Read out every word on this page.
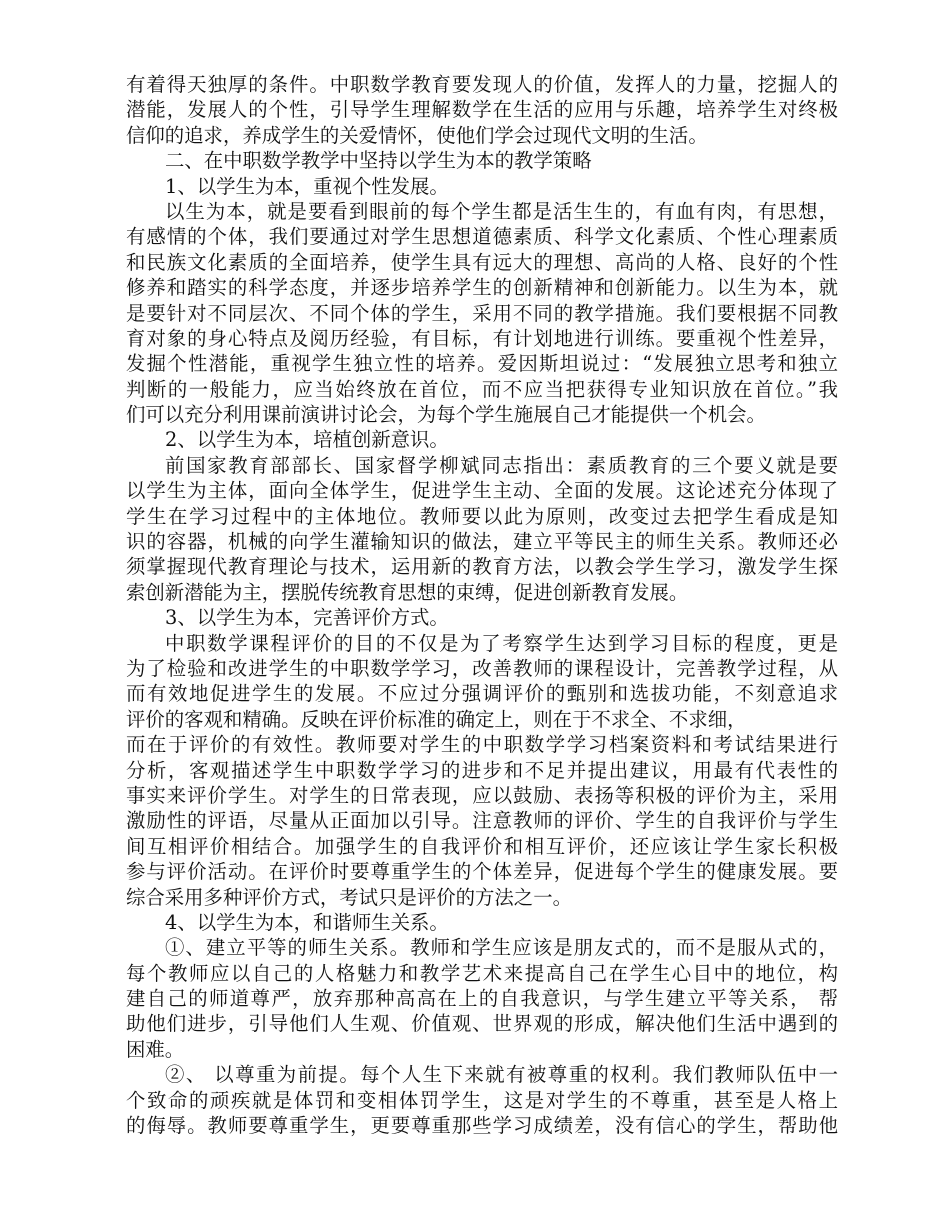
有着得天独厚的条件。中职数学教育要发现人的价值，发挥人的力量，挖掘人的

潜能，发展人的个性，引导学生理解数学在生活的应用与乐趣，培养学生对终极

信仰的追求，养成学生的关爱情怀，使他们学会过现代文明的生活。

二、在中职数学教学中坚持以学生为本的教学策略

1、以学生为本，重视个性发展。

以生为本，就是要看到眼前的每个学生都是活生生的，有血有肉，有思想，

有感情的个体，我们要通过对学生思想道德素质、科学文化素质、个性心理素质

和民族文化素质的全面培养，使学生具有远大的理想、高尚的人格、良好的个性

修养和踏实的科学态度，并逐步培养学生的创新精神和创新能力。以生为本，就

是要针对不同层次、不同个体的学生，采用不同的教学措施。我们要根据不同教

育对象的身心特点及阅历经验，有目标，有计划地进行训练。要重视个性差异，

发掘个性潜能，重视学生独立性的培养。爱因斯坦说过：“发展独立思考和独立

判断的一般能力，应当始终放在首位，而不应当把获得专业知识放在首位。”我

们可以充分利用课前演讲讨论会，为每个学生施展自己才能提供一个机会。

2、以学生为本，培植创新意识。

前国家教育部部长、国家督学柳斌同志指出：素质教育的三个要义就是要

以学生为主体，面向全体学生，促进学生主动、全面的发展。这论述充分体现了

学生在学习过程中的主体地位。教师要以此为原则，改变过去把学生看成是知

识的容器，机械的向学生灌输知识的做法，建立平等民主的师生关系。教师还必

须掌握现代教育理论与技术，运用新的教育方法，以教会学生学习，激发学生探

索创新潜能为主，摆脱传统教育思想的束缚，促进创新教育发展。

3、以学生为本，完善评价方式。

中职数学课程评价的目的不仅是为了考察学生达到学习目标的程度，更是

为了检验和改进学生的中职数学学习，改善教师的课程设计，完善教学过程，从

而有效地促进学生的发展。不应过分强调评价的甄别和选拔功能，不刻意追求

评价的客观和精确。反映在评价标准的确定上，则在于不求全、不求细，

而在于评价的有效性。教师要对学生的中职数学学习档案资料和考试结果进行

分析，客观描述学生中职数学学习的进步和不足并提出建议，用最有代表性的

事实来评价学生。对学生的日常表现，应以鼓励、表扬等积极的评价为主，采用

激励性的评语，尽量从正面加以引导。注意教师的评价、学生的自我评价与学生

间互相评价相结合。加强学生的自我评价和相互评价，还应该让学生家长积极

参与评价活动。在评价时要尊重学生的个体差异，促进每个学生的健康发展。要

综合采用多种评价方式，考试只是评价的方法之一。

4、以学生为本，和谐师生关系。

①、建立平等的师生关系。教师和学生应该是朋友式的，而不是服从式的，

每个教师应以自己的人格魅力和教学艺术来提高自己在学生心目中的地位，构

建自己的师道尊严，放弃那种高高在上的自我意识，与学生建立平等关系， 帮

助他们进步，引导他们人生观、价值观、世界观的形成，解决他们生活中遇到的

困难。

②、 以尊重为前提。每个人生下来就有被尊重的权利。我们教师队伍中一

个致命的顽疾就是体罚和变相体罚学生，这是对学生的不尊重，甚至是人格上

的侮辱。教师要尊重学生，更要尊重那些学习成绩差，没有信心的学生，帮助他
